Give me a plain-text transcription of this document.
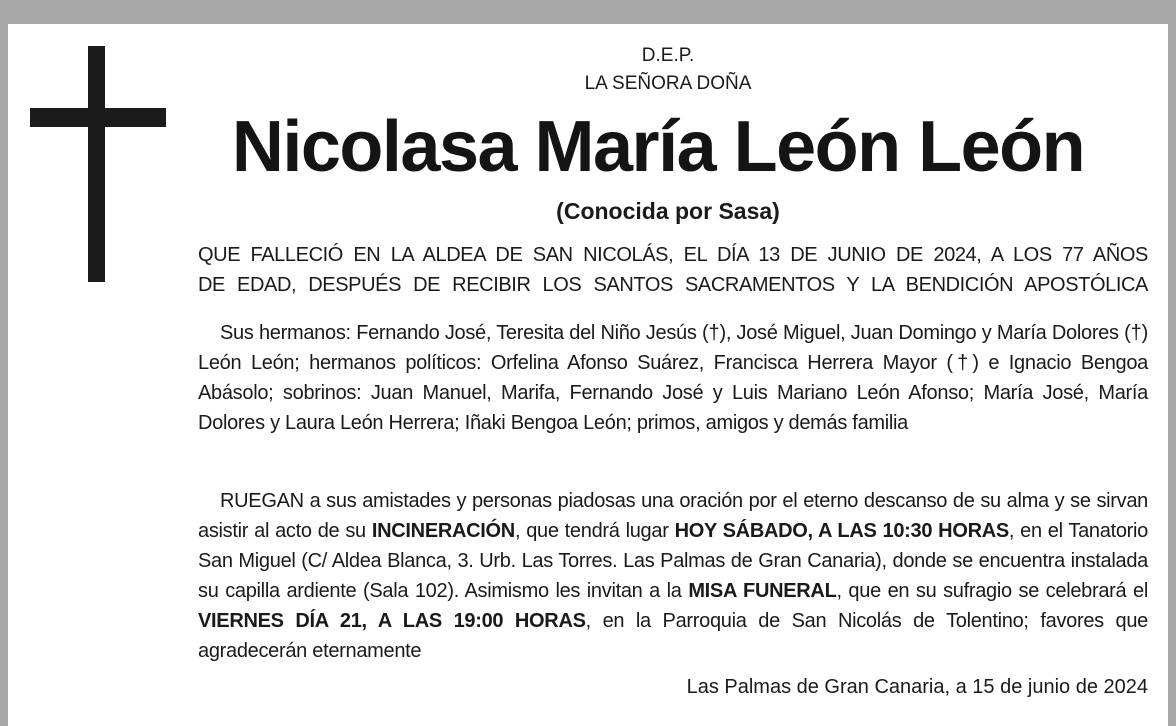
D.E.P.
LA SEÑORA DOÑA
Nicolasa María León León
(Conocida por Sasa)
QUE FALLECIÓ EN LA ALDEA DE SAN NICOLÁS, EL DÍA 13 DE JUNIO DE 2024, A LOS 77 AÑOS
DE EDAD, DESPUÉS DE RECIBIR LOS SANTOS SACRAMENTOS Y LA BENDICIÓN APOSTÓLICA
Sus hermanos: Fernando José, Teresita del Niño Jesús (†), José Miguel, Juan Domingo y María Dolores (†) León León; hermanos políticos: Orfelina Afonso Suárez, Francisca Herrera Mayor (†) e Ignacio Bengoa Abásolo; sobrinos: Juan Manuel, Marifa, Fernando José y Luis Mariano León Afonso; María José, María Dolores y Laura León Herrera; Iñaki Bengoa León; primos, amigos y demás familia
RUEGAN a sus amistades y personas piadosas una oración por el eterno descanso de su alma y se sirvan asistir al acto de su INCINERACIÓN, que tendrá lugar HOY SÁBADO, A LAS 10:30 HORAS, en el Tanatorio San Miguel (C/ Aldea Blanca, 3. Urb. Las Torres. Las Palmas de Gran Canaria), donde se encuentra instalada su capilla ardiente (Sala 102). Asimismo les invitan a la MISA FUNERAL, que en su sufragio se celebrará el VIERNES DÍA 21, A LAS 19:00 HORAS, en la Parroquia de San Nicolás de Tolentino; favores que agradecerán eternamente
Las Palmas de Gran Canaria, a 15 de junio de 2024
